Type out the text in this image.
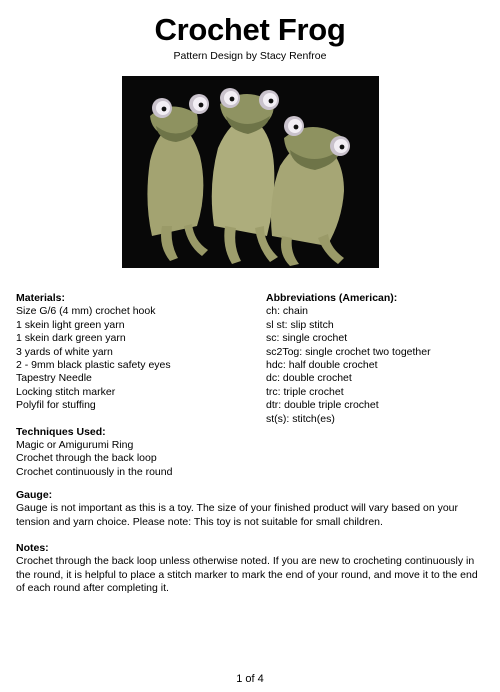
Crochet Frog
Pattern Design by Stacy Renfroe
Materials:
Size G/6 (4 mm) crochet hook
1 skein light green yarn
1 skein dark green yarn
3 yards of white yarn
2 - 9mm black plastic safety eyes
Tapestry Needle
Locking stitch marker
Polyfil for stuffing
Techniques Used:
Magic or Amigurumi Ring
Crochet through the back loop
Crochet continuously in the round
Abbreviations (American):
ch: chain
sl st: slip stitch
sc: single crochet
sc2Tog: single crochet two together
hdc: half double crochet
dc: double crochet
trc: triple crochet
dtr: double triple crochet
st(s): stitch(es)
Gauge:
Gauge is not important as this is a toy. The size of your finished product will vary based on your tension and yarn choice. Please note: This toy is not suitable for small children.
Notes:
Crochet through the back loop unless otherwise noted. If you are new to crocheting continuously in the round, it is helpful to place a stitch marker to mark the end of your round, and move it to the end of each round after completing it.
1 of 4
